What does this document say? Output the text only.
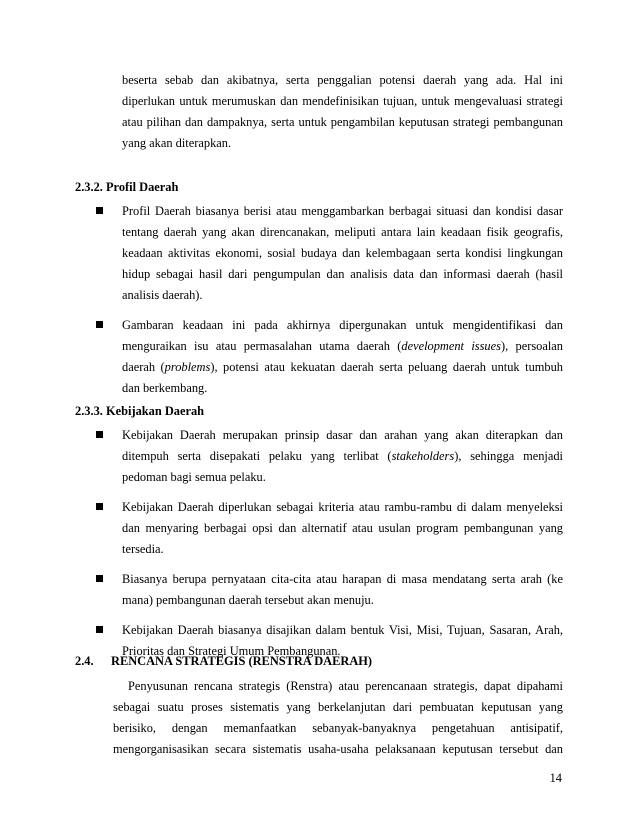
beserta sebab dan akibatnya, serta penggalian potensi daerah yang ada. Hal ini
diperlukan untuk merumuskan dan mendefinisikan tujuan, untuk mengevaluasi strategi
atau pilihan dan dampaknya, serta untuk pengambilan keputusan strategi pembangunan
yang akan diterapkan.
2.3.2. Profil Daerah
Profil Daerah biasanya berisi atau menggambarkan berbagai situasi dan kondisi dasar
tentang daerah yang akan direncanakan, meliputi antara lain keadaan fisik geografis,
keadaan aktivitas ekonomi, sosial budaya dan kelembagaan serta kondisi lingkungan
hidup sebagai hasil dari pengumpulan dan analisis data dan informasi daerah (hasil
analisis daerah).
Gambaran keadaan ini pada akhirnya dipergunakan untuk mengidentifikasi dan
menguraikan isu atau permasalahan utama daerah (development issues), persoalan
daerah (problems), potensi atau kekuatan daerah serta peluang daerah untuk tumbuh
dan berkembang.
2.3.3. Kebijakan Daerah
Kebijakan Daerah merupakan prinsip dasar dan arahan yang akan diterapkan dan
ditempuh serta disepakati pelaku yang terlibat (stakeholders), sehingga menjadi
pedoman bagi semua pelaku.
Kebijakan Daerah diperlukan sebagai kriteria atau rambu-rambu di dalam menyeleksi
dan menyaring berbagai opsi dan alternatif atau usulan program pembangunan yang
tersedia.
Biasanya berupa pernyataan cita-cita atau harapan di masa mendatang serta arah (ke
mana) pembangunan daerah tersebut akan menuju.
Kebijakan Daerah biasanya disajikan dalam bentuk Visi, Misi, Tujuan, Sasaran, Arah,
Prioritas dan Strategi Umum Pembangunan.
2.4. RENCANA STRATEGIS (RENSTRA DAERAH)
Penyusunan rencana strategis (Renstra) atau perencanaan strategis, dapat dipahami
sebagai suatu proses sistematis yang berkelanjutan dari pembuatan keputusan yang
berisiko, dengan memanfaatkan sebanyak-banyaknya pengetahuan antisipatif,
mengorganisasikan secara sistematis usaha-usaha pelaksanaan keputusan tersebut dan
14
